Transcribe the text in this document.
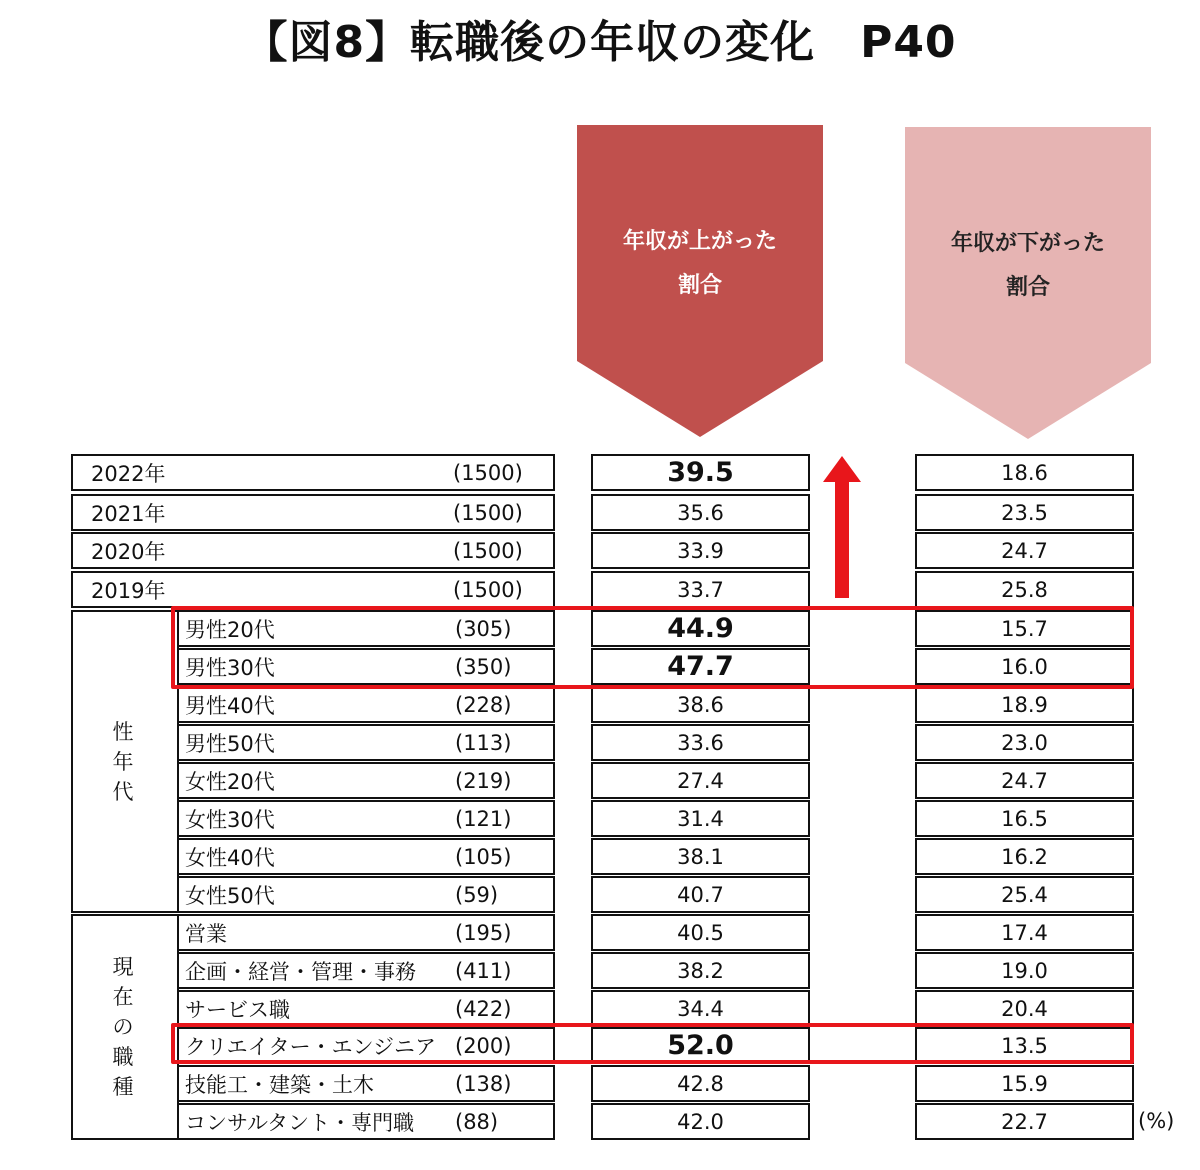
【図8】転職後の年収の変化　P40
年収が上がった
割合
年収が下がった
割合
2022年	(1500)	39.5	18.6
2021年	(1500)	35.6	23.5
2020年	(1500)	33.9	24.7
2019年	(1500)	33.7	25.8
性
年
代
男性20代	(305)	44.9	15.7
男性30代	(350)	47.7	16.0
男性40代	(228)	38.6	18.9
男性50代	(113)	33.6	23.0
女性20代	(219)	27.4	24.7
女性30代	(121)	31.4	16.5
女性40代	(105)	38.1	16.2
女性50代	(59)	40.7	25.4
現
在
の
職
種
営業	(195)	40.5	17.4
企画・経営・管理・事務 (411)	38.2	19.0
サービス職	(422)	34.4	20.4
クリエイター・エンジニア (200)	52.0	13.5
技能工・建築・土木	(138)	42.8	15.9
コンサルタント・専門職 (88)	42.0	22.7	(%)
